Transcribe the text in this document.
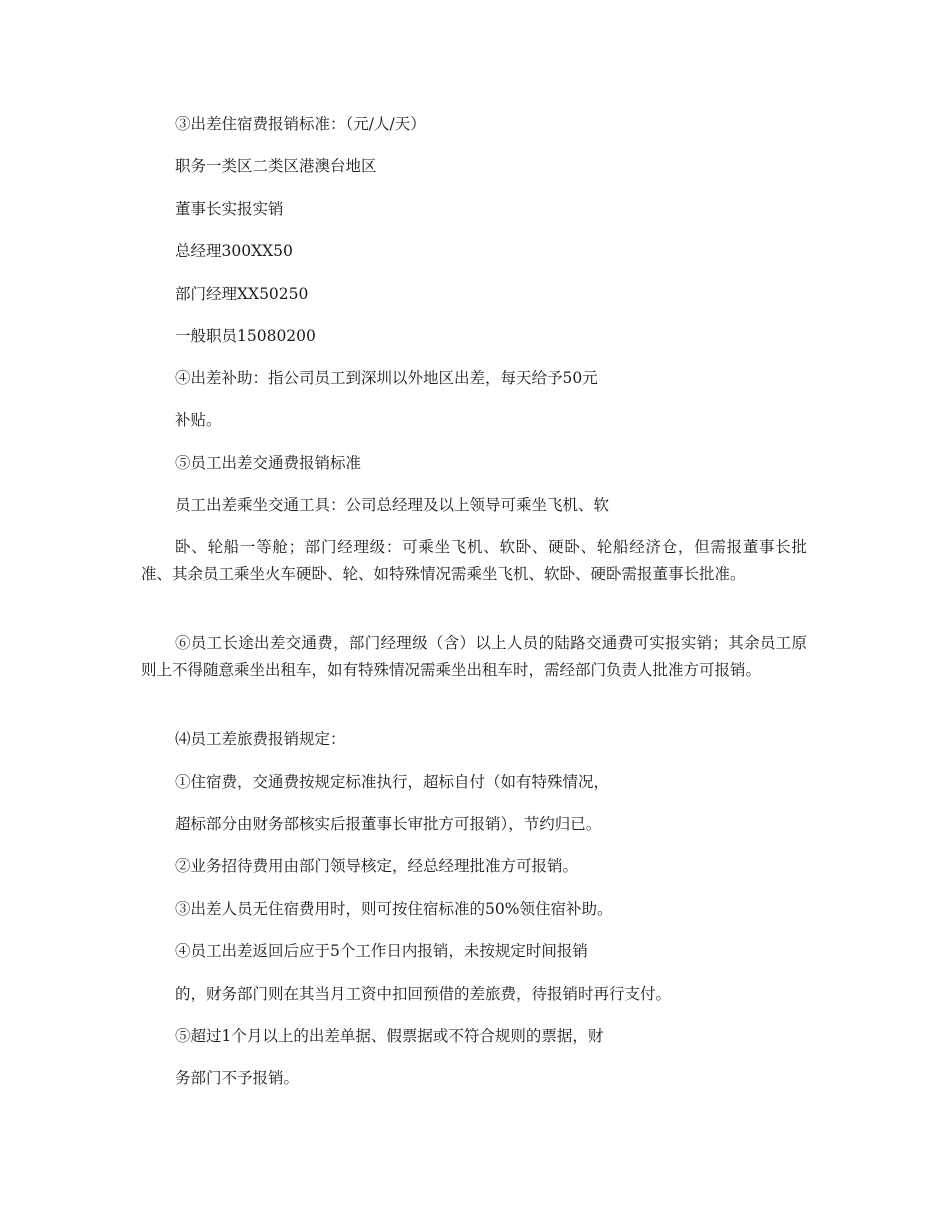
③出差住宿费报销标准：（元/人/天）
职务一类区二类区港澳台地区
董事长实报实销
总经理300XX50
部门经理XX50250
一般职员15080200
④出差补助：指公司员工到深圳以外地区出差，每天给予50元
补贴。
⑤员工出差交通费报销标准
员工出差乘坐交通工具：公司总经理及以上领导可乘坐飞机、软
卧、轮船一等舱；部门经理级：可乘坐飞机、软卧、硬卧、轮船经济仓，但需报董事长批准、其余员工乘坐火车硬卧、轮、如特殊情况需乘坐飞机、软卧、硬卧需报董事长批准。
⑥员工长途出差交通费，部门经理级（含）以上人员的陆路交通费可实报实销；其余员工原则上不得随意乘坐出租车，如有特殊情况需乘坐出租车时，需经部门负责人批准方可报销。
⑷员工差旅费报销规定：
①住宿费，交通费按规定标准执行，超标自付（如有特殊情况，
超标部分由财务部核实后报董事长审批方可报销），节约归已。
②业务招待费用由部门领导核定，经总经理批准方可报销。
③出差人员无住宿费用时，则可按住宿标准的50%领住宿补助。
④员工出差返回后应于5个工作日内报销，未按规定时间报销
的，财务部门则在其当月工资中扣回预借的差旅费，待报销时再行支付。
⑤超过1个月以上的出差单据、假票据或不符合规则的票据，财
务部门不予报销。
